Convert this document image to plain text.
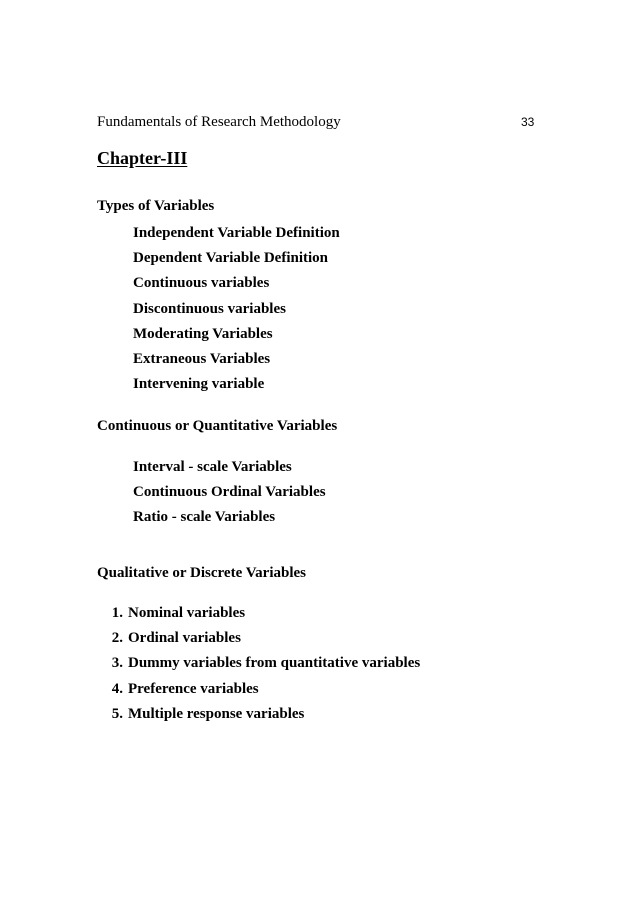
Fundamentals of Research Methodology	33
Chapter-III
Types of Variables
Independent Variable Definition
Dependent Variable Definition
Continuous variables
Discontinuous variables
Moderating Variables
Extraneous Variables
Intervening variable
Continuous or Quantitative Variables
Interval - scale Variables
Continuous Ordinal Variables
Ratio - scale Variables
Qualitative or Discrete Variables
1. Nominal variables
2. Ordinal variables
3. Dummy variables from quantitative variables
4. Preference variables
5. Multiple response variables
